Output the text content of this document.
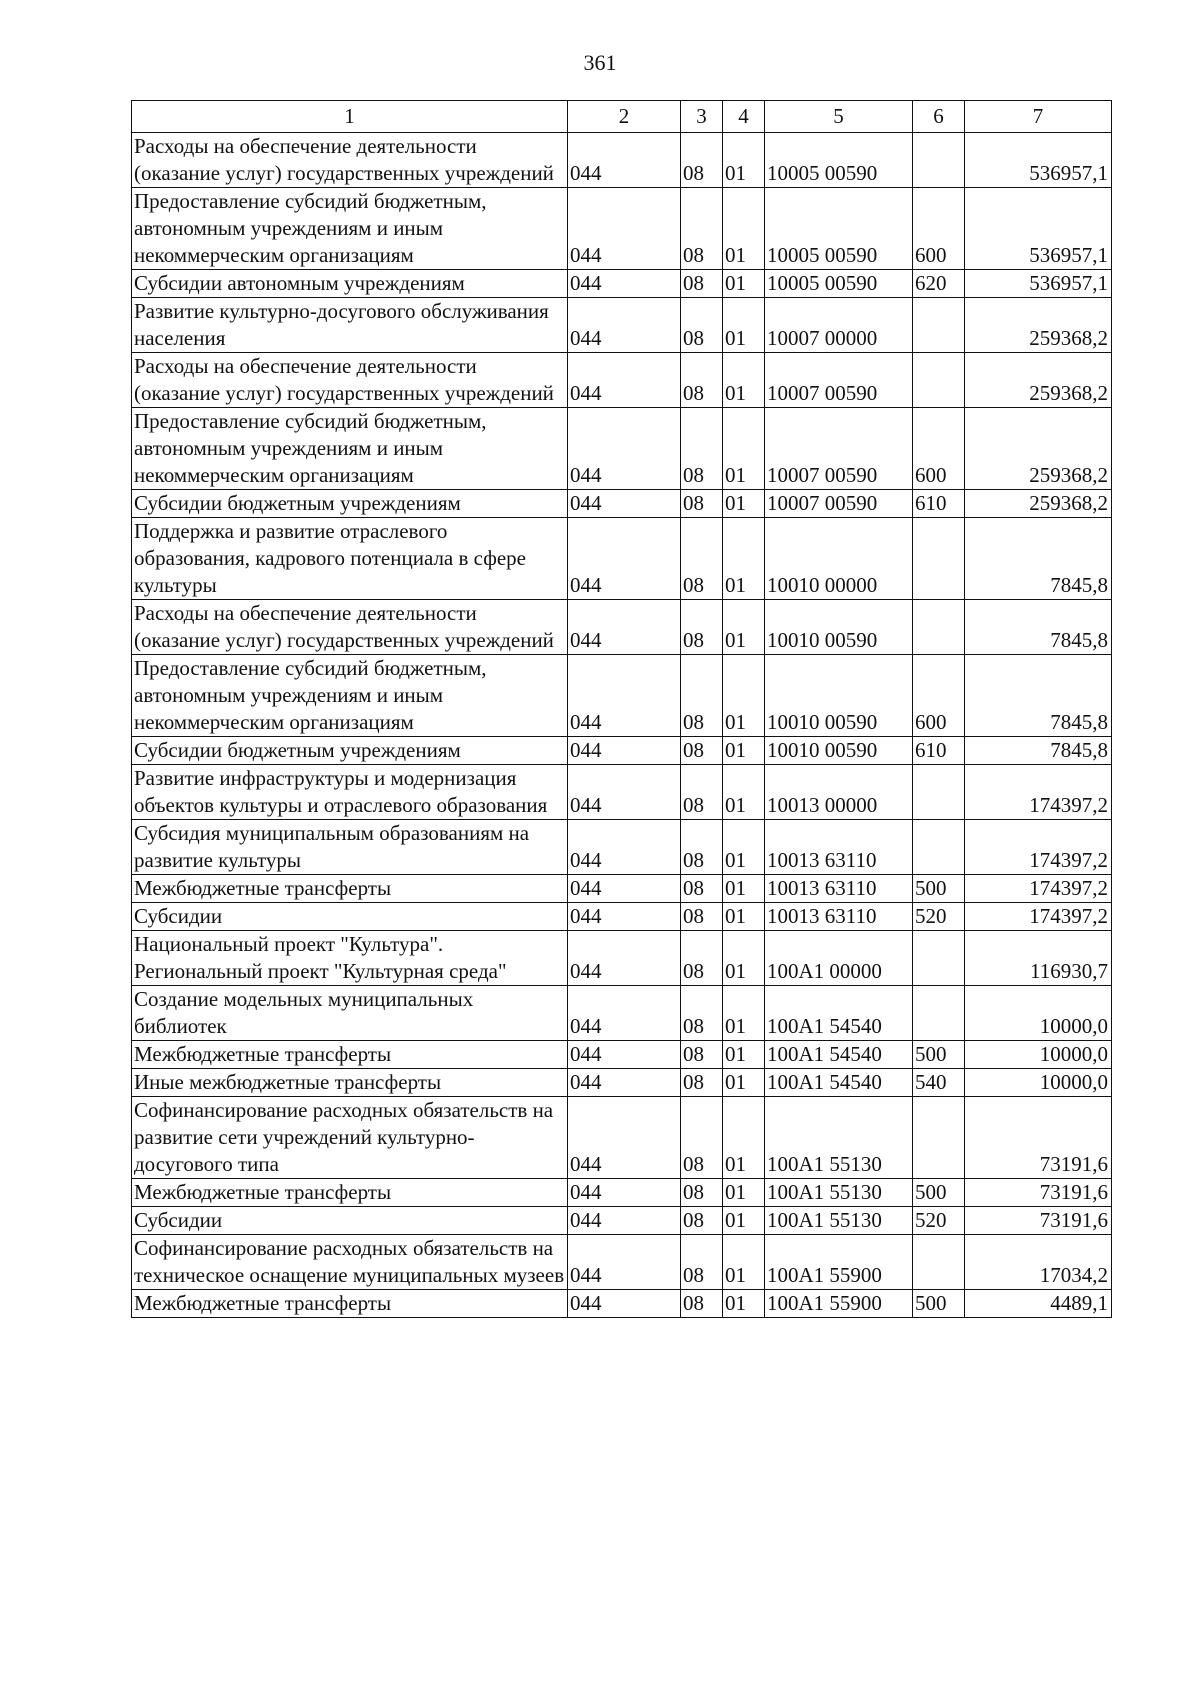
361
1	2	3	4	5	6	7
Расходы на обеспечение деятельности (оказание услуг) государственных учреждений	044	08	01	10005 00590		536957,1
Предоставление субсидий бюджетным, автономным учреждениям и иным некоммерческим организациям	044	08	01	10005 00590	600	536957,1
Субсидии автономным учреждениям	044	08	01	10005 00590	620	536957,1
Развитие культурно-досугового обслуживания населения	044	08	01	10007 00000		259368,2
Расходы на обеспечение деятельности (оказание услуг) государственных учреждений	044	08	01	10007 00590		259368,2
Предоставление субсидий бюджетным, автономным учреждениям и иным некоммерческим организациям	044	08	01	10007 00590	600	259368,2
Субсидии бюджетным учреждениям	044	08	01	10007 00590	610	259368,2
Поддержка и развитие отраслевого образования, кадрового потенциала в сфере культуры	044	08	01	10010 00000		7845,8
Расходы на обеспечение деятельности (оказание услуг) государственных учреждений	044	08	01	10010 00590		7845,8
Предоставление субсидий бюджетным, автономным учреждениям и иным некоммерческим организациям	044	08	01	10010 00590	600	7845,8
Субсидии бюджетным учреждениям	044	08	01	10010 00590	610	7845,8
Развитие инфраструктуры и модернизация объектов культуры и отраслевого образования	044	08	01	10013 00000		174397,2
Субсидия муниципальным образованиям на развитие культуры	044	08	01	10013 63110		174397,2
Межбюджетные трансферты	044	08	01	10013 63110	500	174397,2
Субсидии	044	08	01	10013 63110	520	174397,2
Национальный проект "Культура". Региональный проект "Культурная среда"	044	08	01	100А1 00000		116930,7
Создание модельных муниципальных библиотек	044	08	01	100А1 54540		10000,0
Межбюджетные трансферты	044	08	01	100А1 54540	500	10000,0
Иные межбюджетные трансферты	044	08	01	100А1 54540	540	10000,0
Софинансирование расходных обязательств на развитие сети учреждений культурно-досугового типа	044	08	01	100А1 55130		73191,6
Межбюджетные трансферты	044	08	01	100А1 55130	500	73191,6
Субсидии	044	08	01	100А1 55130	520	73191,6
Софинансирование расходных обязательств на техническое оснащение муниципальных музеев	044	08	01	100А1 55900		17034,2
Межбюджетные трансферты	044	08	01	100А1 55900	500	4489,1
